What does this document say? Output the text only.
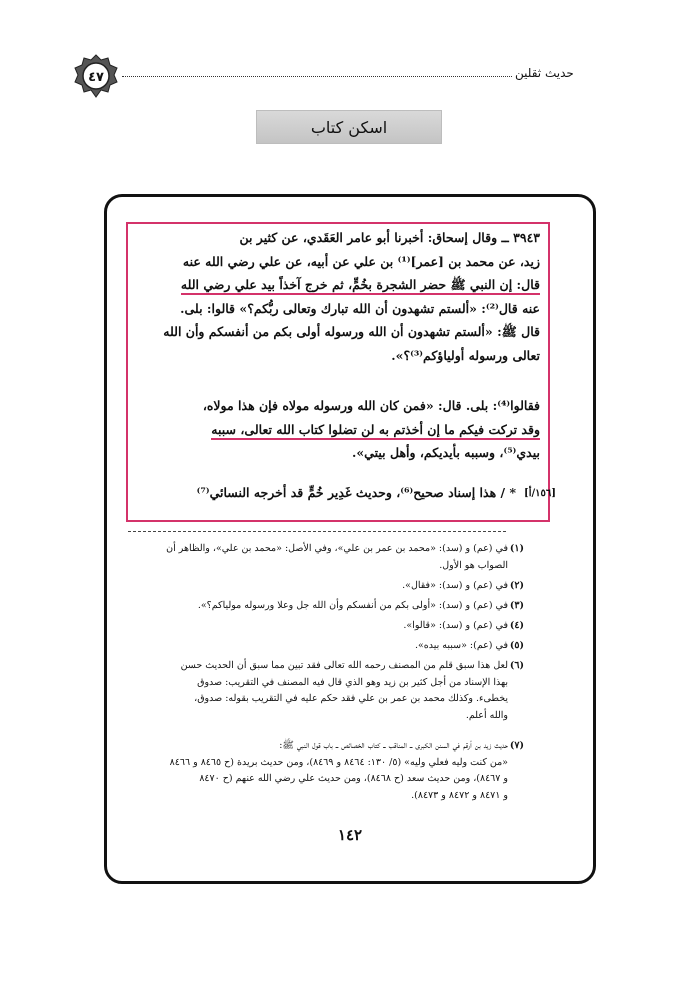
٤٧	حدیث ثقلین
اسکن کتاب
٣٩٤٣ ــ وقال إسحاق: أخبرنا أبو عامر العَقَدي، عن كثير بن
زيد، عن محمد بن [عمر]⁽¹⁾ بن علي عن أبيه، عن علي رضي الله عنه
قال: إن النبي ﷺ حضر الشجرة بخُمٍّ، ثم خرج آخذاً بيد علي رضي الله
عنه قال⁽²⁾: «ألستم تشهدون أن الله تبارك وتعالى ربُّكم؟» قالوا: بلى.
قال ﷺ: «ألستم تشهدون أن الله ورسوله أولى بكم من أنفسكم وأن الله
تعالى ورسوله أولياؤكم⁽³⁾؟».
فقالوا⁽⁴⁾: بلى. قال: «فمن كان الله ورسوله مولاه فإن هذا مولاه،
وقد تركت فيكم ما إن أخذتم به لن تضلوا كتاب الله تعالى، سببه
بيدي⁽⁵⁾، وسببه بأيديكم، وأهل بيتي».
* / هذا إسناد صحيح⁽⁶⁾، وحديث غَدِير خُمٍّ قد أخرجه النسائي⁽⁷⁾ [١٥٦/أ]
(١)
في (عم) و (سد): «محمد بن عمر بن علي»، وفي الأصل: «محمد بن علي»، والظاهر أن
الصواب هو الأول.
(٢)
في (عم) و (سد): «فقال».
(٣)
في (عم) و (سد): «أولى بكم من أنفسكم وأن الله جل وعلا ورسوله مولياكم؟».
(٤)
في (عم) و (سد): «قالوا».
(٥)
في (عم): «سببه بيده».
(٦)
لعل هذا سبق قلم من المصنف رحمه الله تعالى فقد تبين مما سبق أن الحديث حسن
بهذا الإسناد من أجل كثير بن زيد وهو الذي قال فيه المصنف في التقريب: صدوق
يخطىء. وكذلك محمد بن عمر بن علي فقد حكم عليه في التقريب بقوله: صدوق،
والله أعلم.
(٧)
حديث زيد بن أرقم في السنن الكبرى ــ المناقب ــ كتاب الخصائص ــ باب قول النبي ﷺ:
«من كنت وليه فعلي وليه» (٥/ ١٣٠: ٨٤٦٤ و ٨٤٦٩)، ومن حديث بريدة (ح ٨٤٦٥ و ٨٤٦٦
و ٨٤٦٧)، ومن حديث سعد (ح ٨٤٦٨)، ومن حديث علي رضي الله عنهم (ح ٨٤٧٠
و ٨٤٧١ و ٨٤٧٢ و ٨٤٧٣).
١٤٢
